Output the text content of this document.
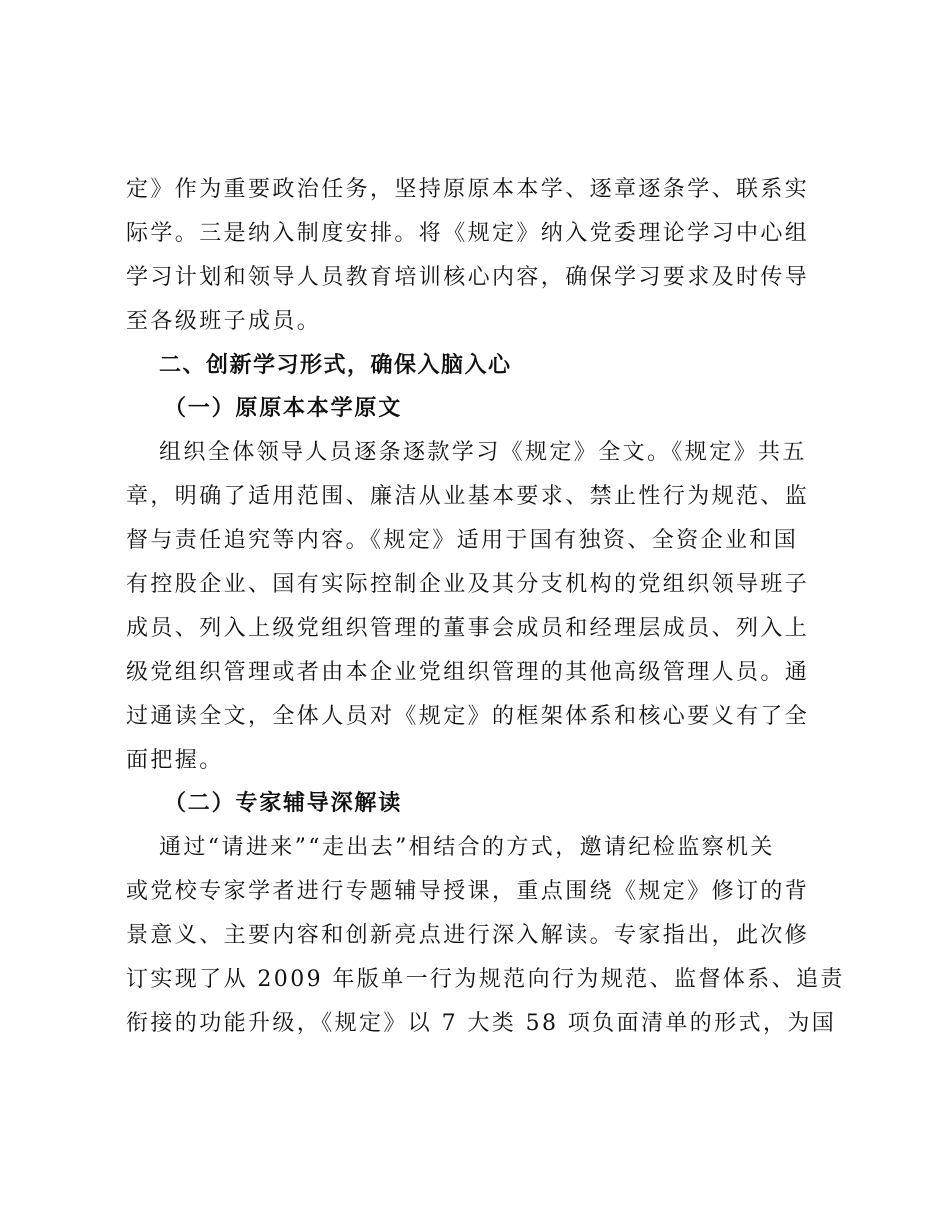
定》作为重要政治任务，坚持原原本本学、逐章逐条学、联系实
际学。三是纳入制度安排。将《规定》纳入党委理论学习中心组
学习计划和领导人员教育培训核心内容，确保学习要求及时传导
至各级班子成员。
二、创新学习形式，确保入脑入心
（一）原原本本学原文
组织全体领导人员逐条逐款学习《规定》全文。《规定》共五
章，明确了适用范围、廉洁从业基本要求、禁止性行为规范、监
督与责任追究等内容。《规定》适用于国有独资、全资企业和国
有控股企业、国有实际控制企业及其分支机构的党组织领导班子
成员、列入上级党组织管理的董事会成员和经理层成员、列入上
级党组织管理或者由本企业党组织管理的其他高级管理人员。通
过通读全文，全体人员对《规定》的框架体系和核心要义有了全
面把握。
（二）专家辅导深解读
通过“请进来”“走出去”相结合的方式，邀请纪检监察机关
或党校专家学者进行专题辅导授课，重点围绕《规定》修订的背
景意义、主要内容和创新亮点进行深入解读。专家指出，此次修
订实现了从 2009 年版单一行为规范向行为规范、监督体系、追责
衔接的功能升级，《规定》以 7 大类 58 项负面清单的形式，为国
